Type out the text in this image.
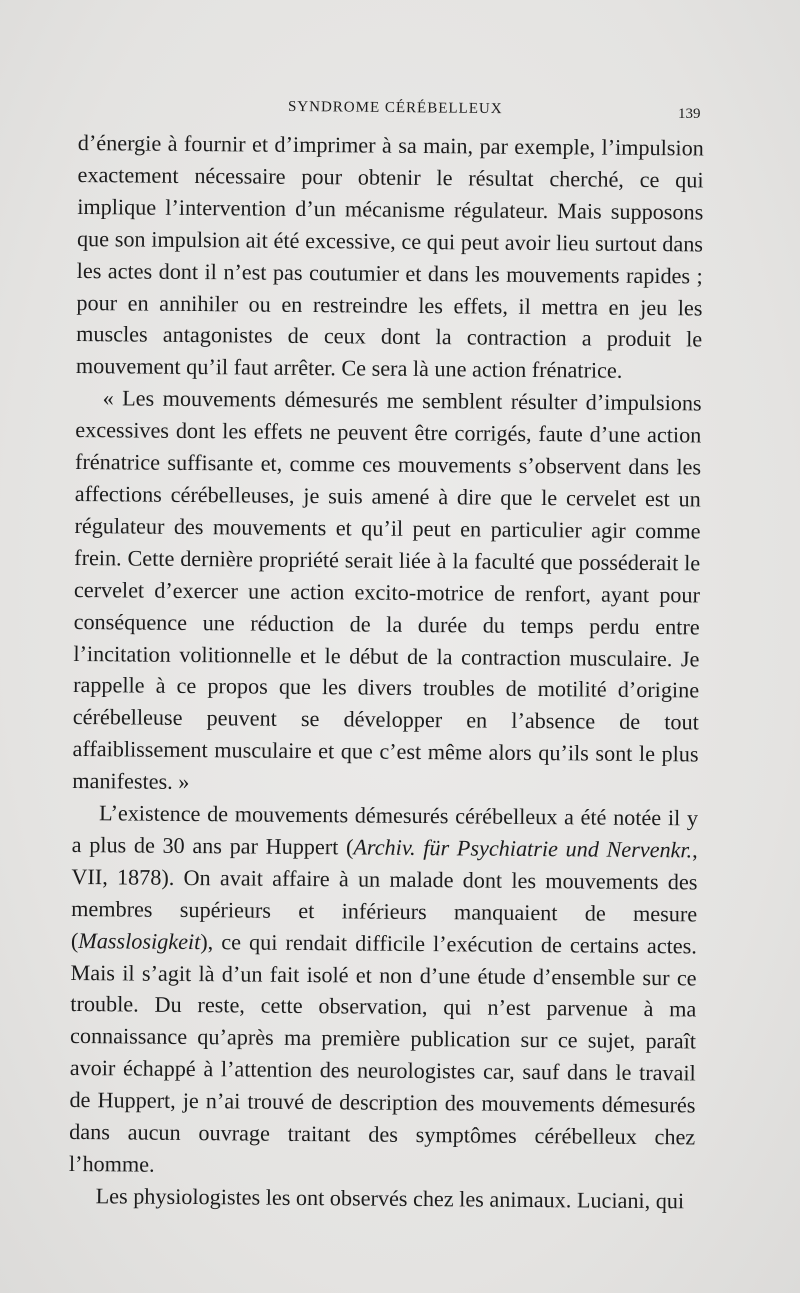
SYNDROME CÉRÉBELLEUX	139

d’énergie à fournir et d’imprimer à sa main, par exemple, l’impulsion exactement nécessaire pour obtenir le résultat cherché, ce qui implique l’intervention d’un mécanisme régulateur. Mais supposons que son impulsion ait été excessive, ce qui peut avoir lieu surtout dans les actes dont il n’est pas coutumier et dans les mouvements rapides ; pour en annihiler ou en restreindre les effets, il mettra en jeu les muscles antagonistes de ceux dont la contraction a produit le mouvement qu’il faut arrêter. Ce sera là une action frénatrice.

« Les mouvements démesurés me semblent résulter d’impulsions excessives dont les effets ne peuvent être corrigés, faute d’une action frénatrice suffisante et, comme ces mouvements s’observent dans les affections cérébelleuses, je suis amené à dire que le cervelet est un régulateur des mouvements et qu’il peut en particulier agir comme frein. Cette dernière propriété serait liée à la faculté que posséderait le cervelet d’exercer une action excito-motrice de renfort, ayant pour conséquence une réduction de la durée du temps perdu entre l’incitation volitionnelle et le début de la contraction musculaire. Je rappelle à ce propos que les divers troubles de motilité d’origine cérébelleuse peuvent se développer en l’absence de tout affaiblissement musculaire et que c’est même alors qu’ils sont le plus manifestes. »

L’existence de mouvements démesurés cérébelleux a été notée il y a plus de 30 ans par Huppert (Archiv. für Psychiatrie und Nervenkr., VII, 1878). On avait affaire à un malade dont les mouvements des membres supérieurs et inférieurs manquaient de mesure (Masslosigkeit), ce qui rendait difficile l’exécution de certains actes. Mais il s’agit là d’un fait isolé et non d’une étude d’ensemble sur ce trouble. Du reste, cette observation, qui n’est parvenue à ma connaissance qu’après ma première publication sur ce sujet, paraît avoir échappé à l’attention des neurologistes car, sauf dans le travail de Huppert, je n’ai trouvé de description des mouvements démesurés dans aucun ouvrage traitant des symptômes cérébelleux chez l’homme.

Les physiologistes les ont observés chez les animaux. Luciani, qui
